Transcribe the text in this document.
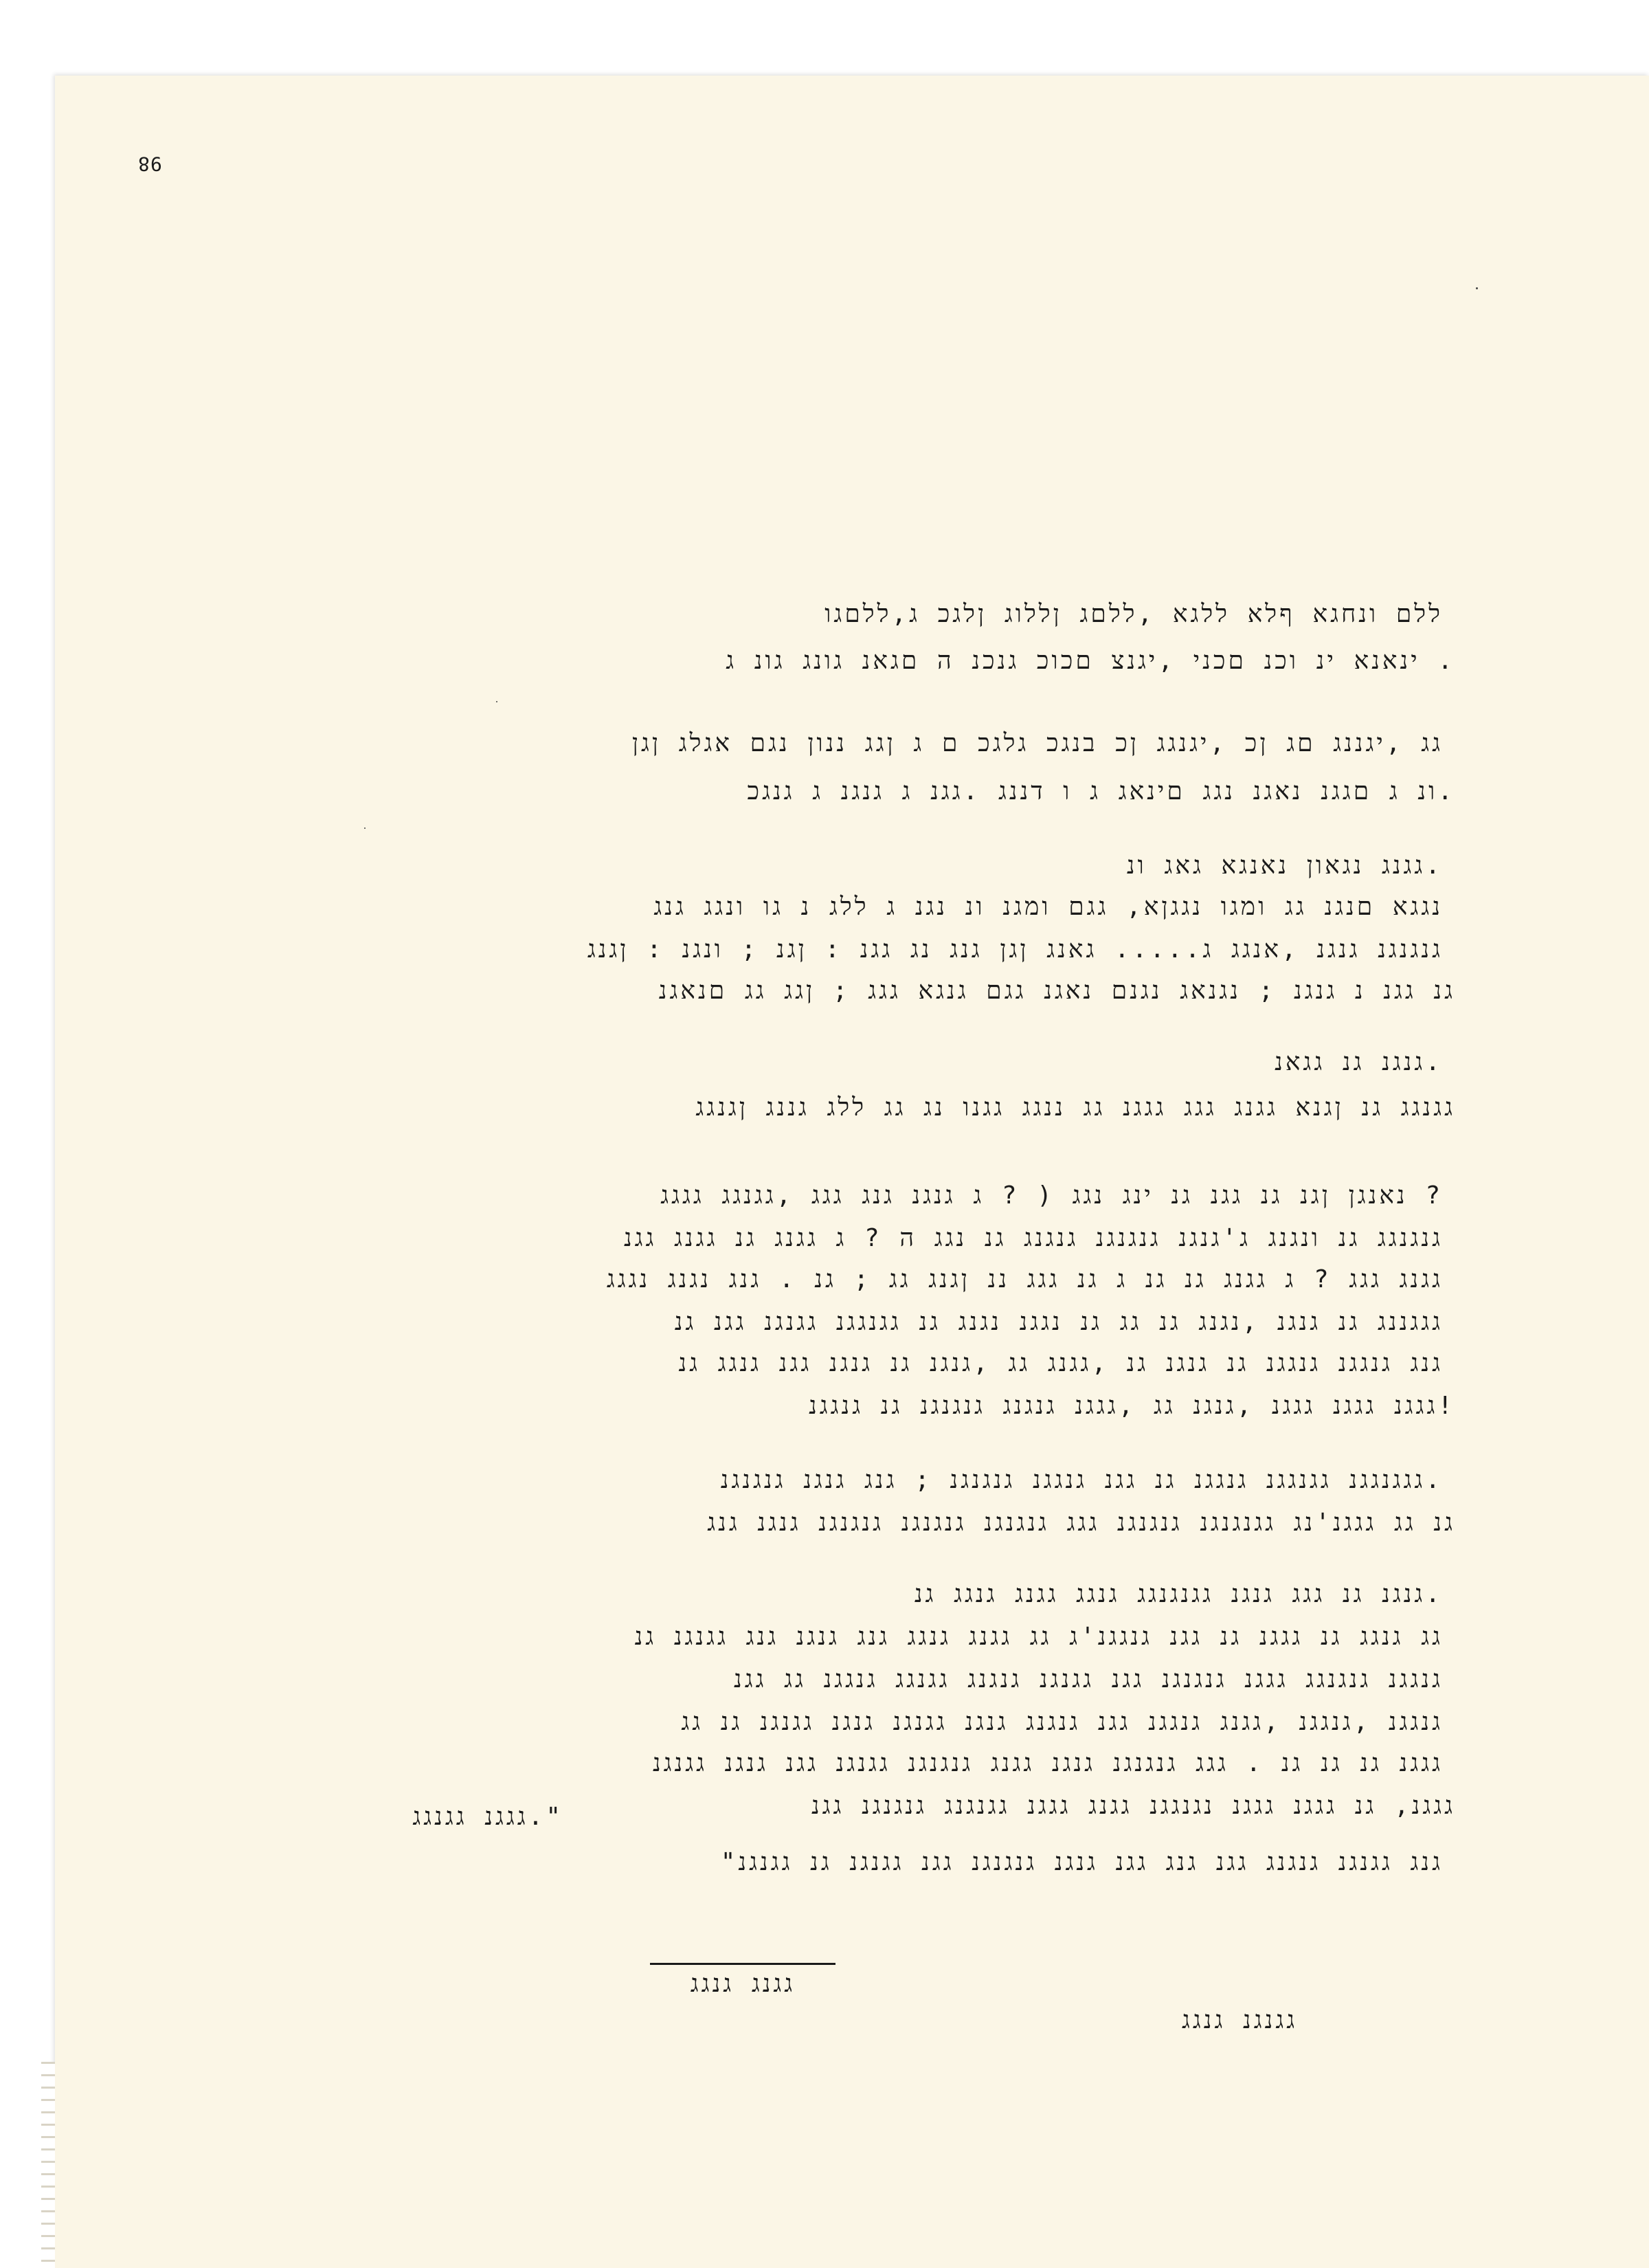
98
ללם ונחגא ףלא ללגא ,ללםג ןללוג ןלגכ ג,ללםגו
. ינאנא ינ וכנ םכני ,יגנצ םכוכ גנכנ ה םגאנ גונג גונ ג
גג ,יגננג םג ןכ ,יגנגג ןכ בנגכ גלגכ ם ג ןגג ננון נגם אגלג ןגן
.ונ ג םגגנ נאגנ נגג םינאג ג ו דננג .גגנ ג גנגנ ג גנגכ
.גגנג נגאון נאנגא גאג ונ
נגגא םנגנ גג ומגו נגגןא, גגם ומגנ ונ נגנ ג ללג נ גו ונגג גנג
גנגנגנ גנגנ ,אנגג ג..... גאנג ןגן גנג נג גגנ : ןגנ ; ונגנ : ןגנג
גנ גגנ נ גנגנ ; נגנאג נגנם נאגנ גגם גנגא גגג ; ןגג גג םנאגנ
.גנגנ גנ גגאנ
גגנגג גנ ןגנא גגנג גגג גגגנ גג ננגג גגנו נג גג ללג גננג ןגנגג
? נאנגן ןגנ גנ גגנ גנ ינג נגג ( ? ג גנגנ גנג גגג ,גגנגג גגגג
גנגנגג גנ ונגנג ג'גנגנ גנגנגנ גנגנג גנ נגג ה ? ג גגנג גנ גגנג גגנ
גגנג גגג ? ג גגנג גנ גנ ג גנ גגג ננ ןגנג גג ; גנ . גנג נגנג נגגג
גגגננג גנ גנגנ ,נגנג גנ גג גנ נגגנ נגנג גנ גגנגגנ גגנגנ גגנ גנ
גנג גנגגנ גנגגנ גנ גנגנ גנ ,גגנג גג ,גנגנ גנ גנגנ גגנ גנגג גנ
!גגגנ גגגנ גגגנ ,גנגנ גג ,גגגנ גנגנג גנגנגנ גנ גנגגנ
.גגגנגגנ גגנגגנ גנגגנ גנ גגנ גנגגנ גנגנגנ ; גנג גנגנ גנגנגנ
גנ גג גגגנ'נג גגנגנגנ גנגנגנ גגג גנגנגנ גנגנגנ גנגנגנ גנגנ גנג
.גנגנ גנ גגג גנגנ גגנגנגג גנגג גגנג גנגג גנ
גג גנגג גנ גגגנ גנ גגנ גנגגנ'ג גג גגנג גנגג גנג גנגנ גנג גגנגנ גנ
גנגגנ גנגנגג גגגנ גנגנגנ גגנ גגנגנ גנגנג גגנגג גנגגנ גג גגנ
גנגגנ ,גנגגנ ,גגנג גנגגנ גגנ גנגנג גנגנ גגנגנ גנגנ גגנגנ גנ גג
גגגנ גנ גנ גנ . גגג גנגנגנ גנגנ גגנג גנגנגנ גגנגנ גגנ גנגנ גגנגנ
גגגנ, גנ גגגנ גגגנ נגנגגנ גגנג גגגנ גגנגנג גנגנגנ גגנ
".גגגנ גגנגג
גנג גגנגנ גנגנג גגנ גנג גגנ גנגנ גנגנגנ גגנ גגנגנ גנ גגנגנ"
גגנג גנגג
גגנגנ גנגג
